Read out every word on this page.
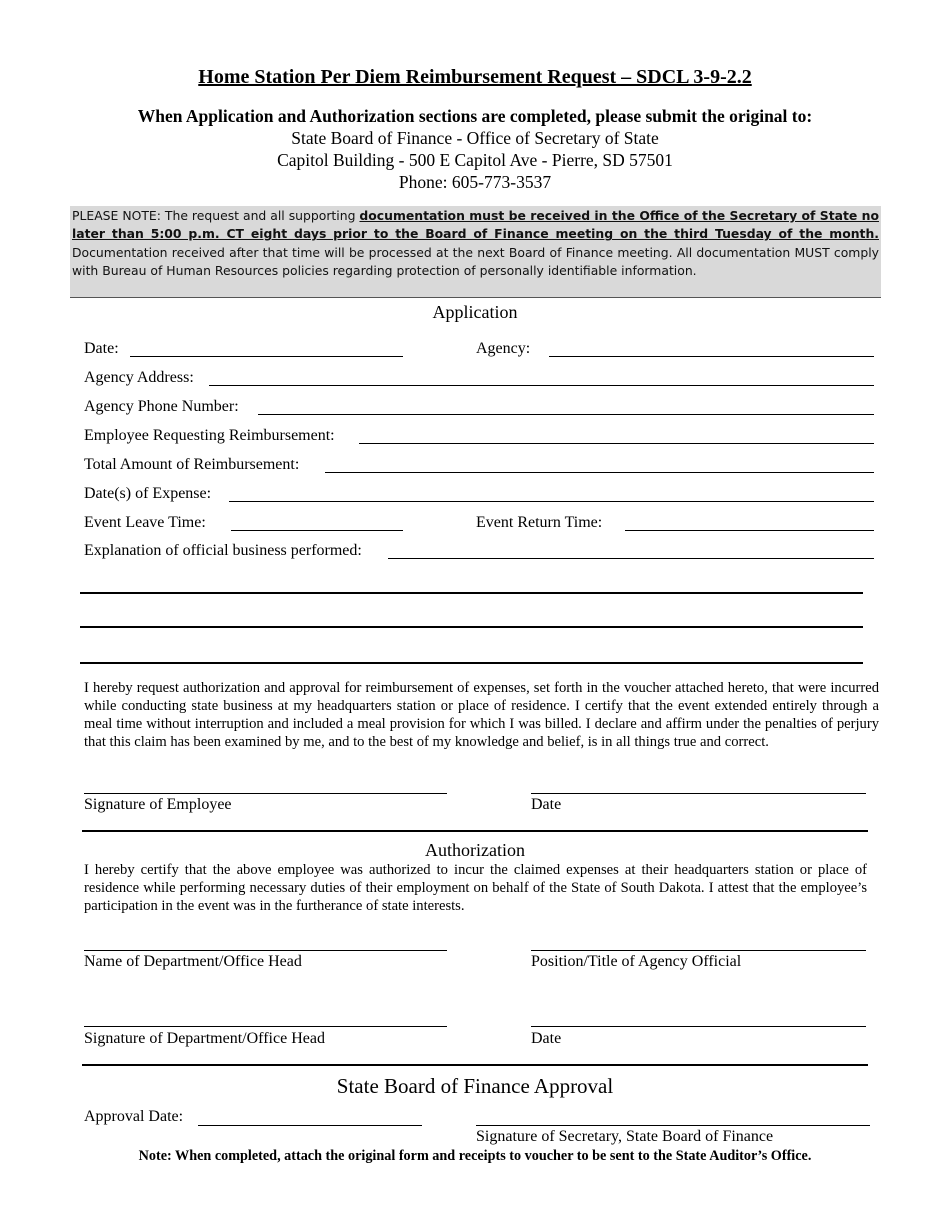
Home Station Per Diem Reimbursement Request – SDCL 3-9-2.2
When Application and Authorization sections are completed, please submit the original to:
State Board of Finance - Office of Secretary of State
Capitol Building - 500 E Capitol Ave - Pierre, SD 57501
Phone: 605-773-3537
PLEASE NOTE: The request and all supporting documentation must be received in the Office of the Secretary of State no later than 5:00 p.m. CT eight days prior to the Board of Finance meeting on the third Tuesday of the month. Documentation received after that time will be processed at the next Board of Finance meeting. All documentation MUST comply with Bureau of Human Resources policies regarding protection of personally identifiable information.
Application
Date:	Agency:
Agency Address:
Agency Phone Number:
Employee Requesting Reimbursement:
Total Amount of Reimbursement:
Date(s) of Expense:
Event Leave Time:	Event Return Time:
Explanation of official business performed:
I hereby request authorization and approval for reimbursement of expenses, set forth in the voucher attached hereto, that were incurred while conducting state business at my headquarters station or place of residence. I certify that the event extended entirely through a meal time without interruption and included a meal provision for which I was billed. I declare and affirm under the penalties of perjury that this claim has been examined by me, and to the best of my knowledge and belief, is in all things true and correct.
Signature of Employee	Date
Authorization
I hereby certify that the above employee was authorized to incur the claimed expenses at their headquarters station or place of residence while performing necessary duties of their employment on behalf of the State of South Dakota. I attest that the employee’s participation in the event was in the furtherance of state interests.
Name of Department/Office Head	Position/Title of Agency Official
Signature of Department/Office Head	Date
State Board of Finance Approval
Approval Date:
Signature of Secretary, State Board of Finance
Note: When completed, attach the original form and receipts to voucher to be sent to the State Auditor’s Office.
